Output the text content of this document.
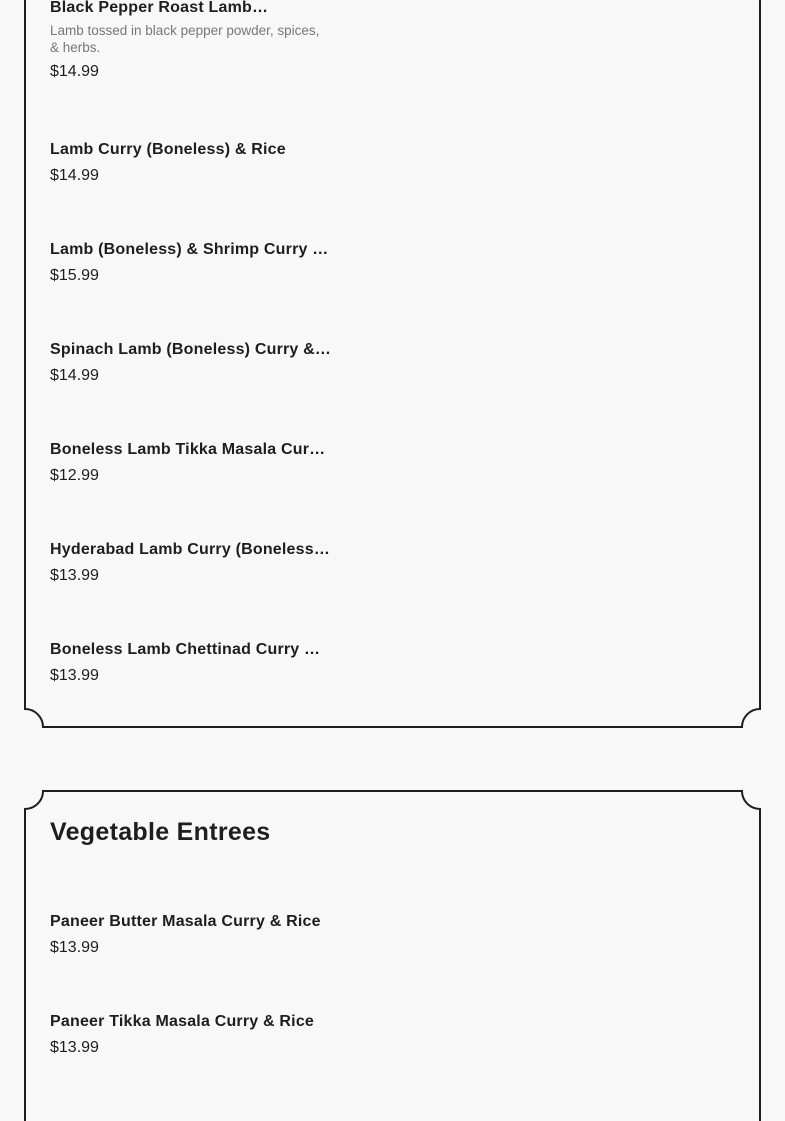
Black Pepper Roast Lamb…
Lamb tossed in black pepper powder, spices, & herbs.
$14.99
Lamb Curry (Boneless) & Rice
$14.99
Lamb (Boneless) & Shrimp Curry …
$15.99
Spinach Lamb (Boneless) Curry &…
$14.99
Boneless Lamb Tikka Masala Cur…
$12.99
Hyderabad Lamb Curry (Boneless…
$13.99
Boneless Lamb Chettinad Curry …
$13.99
Vegetable Entrees
Paneer Butter Masala Curry & Rice
$13.99
Paneer Tikka Masala Curry & Rice
$13.99
